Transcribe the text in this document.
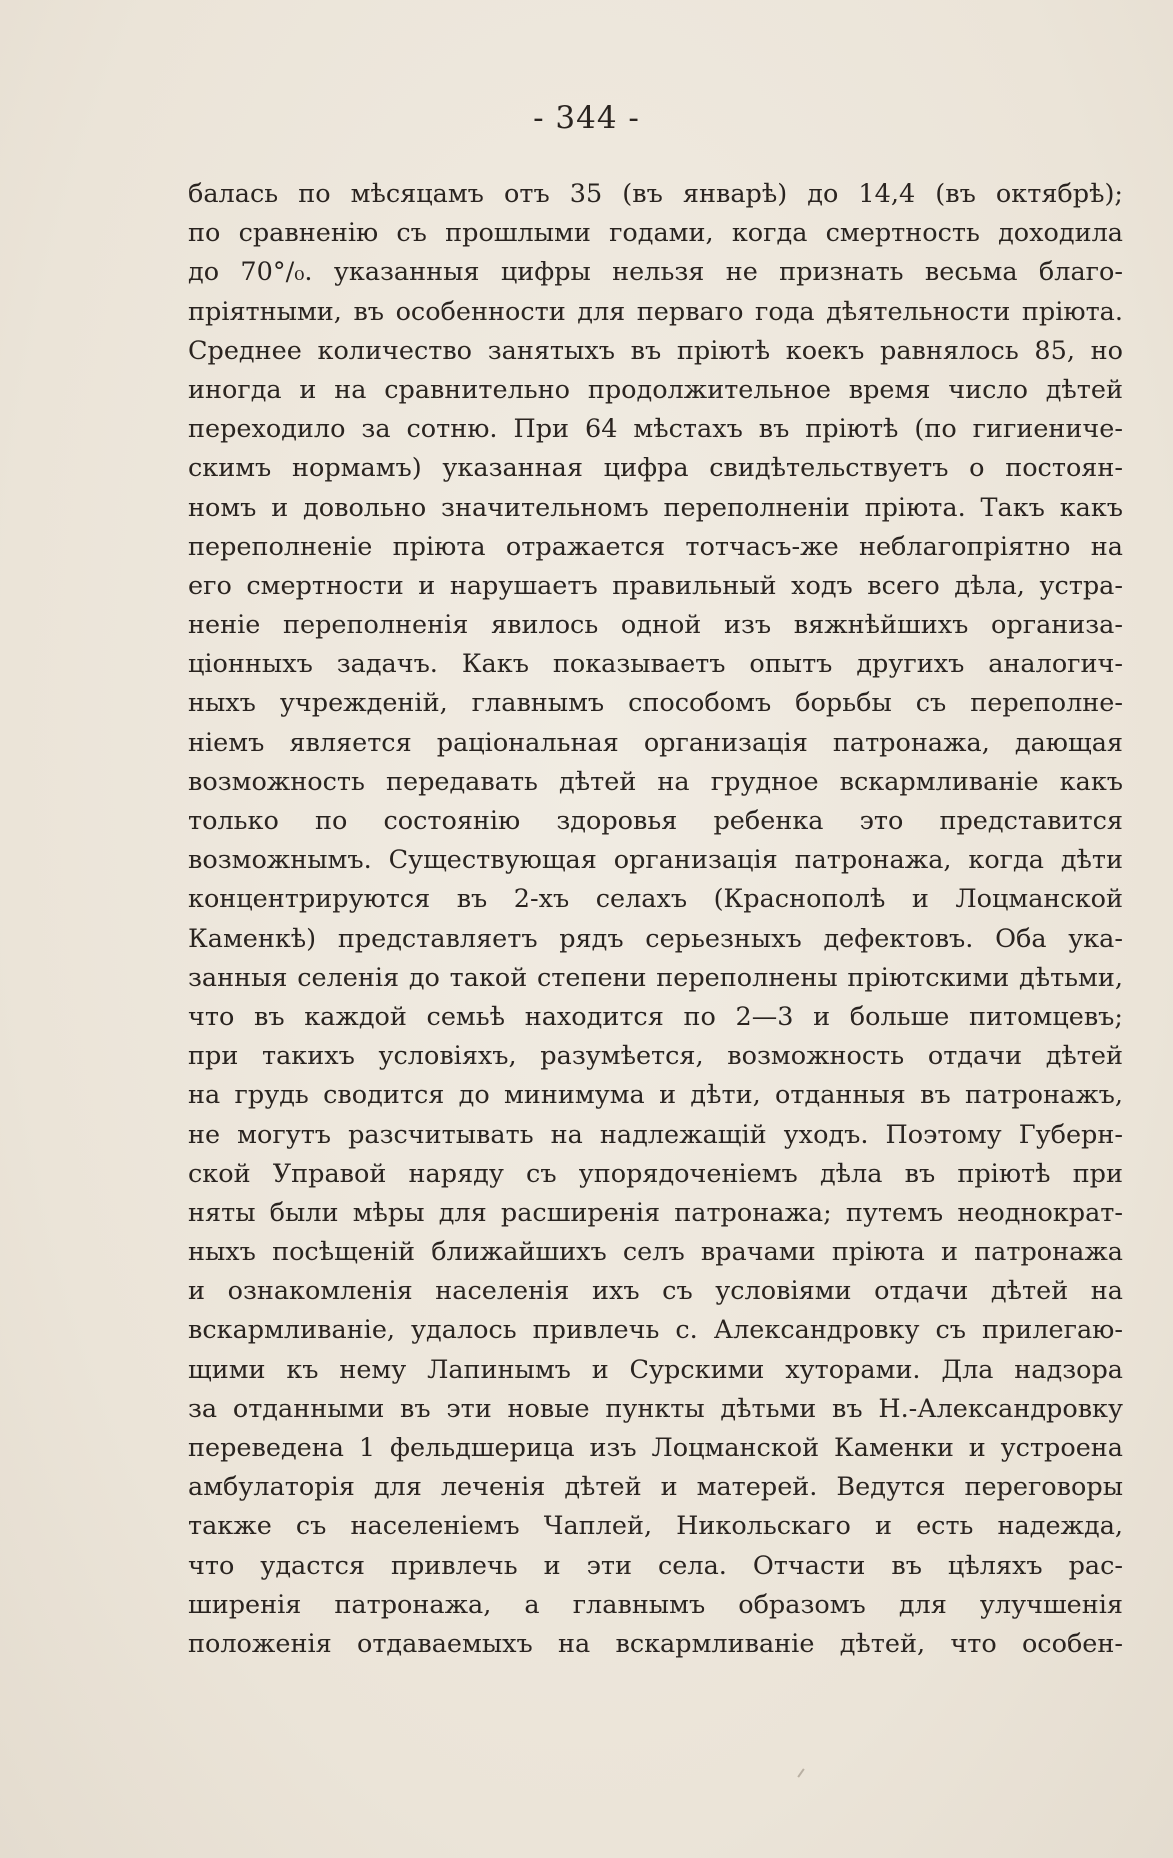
- 344 -
балась по мѣсяцамъ отъ 35 (въ январѣ) до 14,4 (въ октябрѣ);
по сравненію съ прошлыми годами, когда смертность доходила
до 70°/₀. указанныя цифры нельзя не признать весьма благо-
пріятными, въ особенности для перваго года дѣятельности пріюта.
Среднее количество занятыхъ въ пріютѣ коекъ равнялось 85, но
иногда и на сравнительно продолжительное время число дѣтей
переходило за сотню. При 64 мѣстахъ въ пріютѣ (по гигиениче-
скимъ нормамъ) указанная цифра свидѣтельствуетъ о постоян-
номъ и довольно значительномъ переполненіи пріюта. Такъ какъ
переполненіе пріюта отражается тотчасъ-же неблагопріятно на
его смертности и нарушаетъ правильный ходъ всего дѣла, устра-
неніе переполненія явилось одной изъ вяжнѣйшихъ организа-
ціонныхъ задачъ. Какъ показываетъ опытъ другихъ аналогич-
ныхъ учрежденій, главнымъ способомъ борьбы съ переполне-
ніемъ является раціональная организація патронажа, дающая
возможность передавать дѣтей на грудное вскармливаніе какъ
только по состоянію здоровья ребенка это представится
возможнымъ. Существующая организація патронажа, когда дѣти
концентрируются въ 2-хъ селахъ (Краснополѣ и Лоцманской
Каменкѣ) представляетъ рядъ серьезныхъ дефектовъ. Оба ука-
занныя селенія до такой степени переполнены пріютскими дѣтьми,
что въ каждой семьѣ находится по 2—3 и больше питомцевъ;
при такихъ условіяхъ, разумѣется, возможность отдачи дѣтей
на грудь сводится до минимума и дѣти, отданныя въ патронажъ,
не могутъ разсчитывать на надлежащій уходъ. Поэтому Губерн-
ской Управой наряду съ упорядоченіемъ дѣла въ пріютѣ при
няты были мѣры для расширенія патронажа; путемъ неоднократ-
ныхъ посѣщеній ближайшихъ селъ врачами пріюта и патронажа
и ознакомленія населенія ихъ съ условіями отдачи дѣтей на
вскармливаніе, удалось привлечь с. Александровку съ прилегаю-
щими къ нему Лапинымъ и Сурскими хуторами. Дла надзора
за отданными въ эти новые пункты дѣтьми въ Н.-Александровку
переведена 1 фельдшерица изъ Лоцманской Каменки и устроена
амбулаторія для леченія дѣтей и матерей. Ведутся переговоры
также съ населеніемъ Чаплей, Никольскаго и есть надежда,
что удастся привлечь и эти села. Отчасти въ цѣляхъ рас-
ширенія патронажа, а главнымъ образомъ для улучшенія
положенія отдаваемыхъ на вскармливаніе дѣтей, что особен-
